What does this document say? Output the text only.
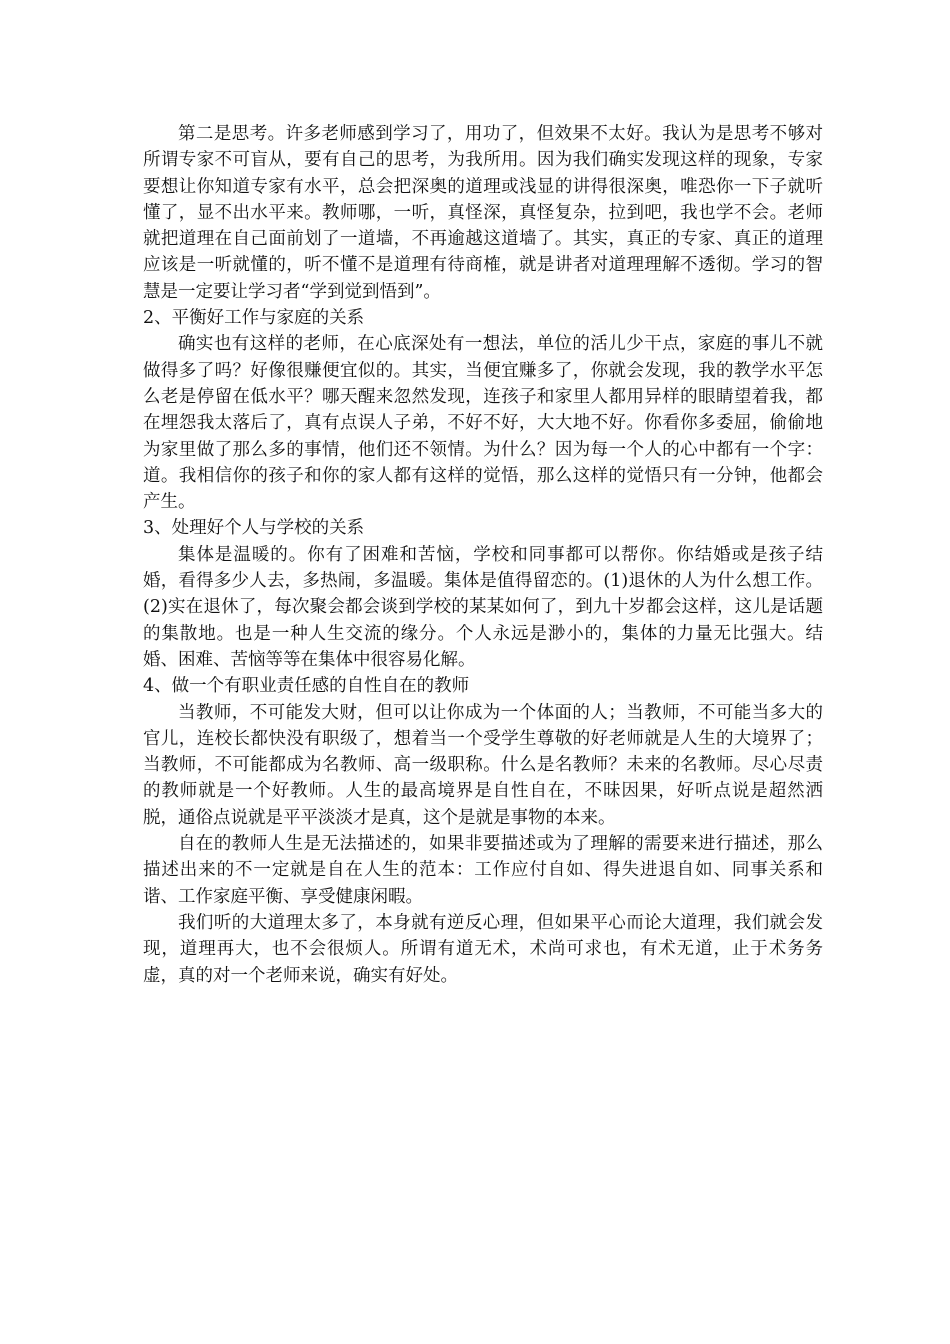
第二是思考。许多老师感到学习了，用功了，但效果不太好。我认为是思考不够对所谓专家不可盲从，要有自己的思考，为我所用。因为我们确实发现这样的现象，专家要想让你知道专家有水平，总会把深奥的道理或浅显的讲得很深奥，唯恐你一下子就听懂了，显不出水平来。教师哪，一听，真怪深，真怪复杂，拉到吧，我也学不会。老师就把道理在自己面前划了一道墙，不再逾越这道墙了。其实，真正的专家、真正的道理应该是一听就懂的，听不懂不是道理有待商榷，就是讲者对道理理解不透彻。学习的智慧是一定要让学习者“学到觉到悟到”。

2、平衡好工作与家庭的关系

确实也有这样的老师，在心底深处有一想法，单位的活儿少干点，家庭的事儿不就做得多了吗？好像很赚便宜似的。其实，当便宜赚多了，你就会发现，我的教学水平怎么老是停留在低水平？哪天醒来忽然发现，连孩子和家里人都用异样的眼睛望着我，都在埋怨我太落后了，真有点误人子弟，不好不好，大大地不好。你看你多委屈，偷偷地为家里做了那么多的事情，他们还不领情。为什么？因为每一个人的心中都有一个字：道。我相信你的孩子和你的家人都有这样的觉悟，那么这样的觉悟只有一分钟，他都会产生。

3、处理好个人与学校的关系

集体是温暖的。你有了困难和苦恼，学校和同事都可以帮你。你结婚或是孩子结婚，看得多少人去，多热闹，多温暖。集体是值得留恋的。(1)退休的人为什么想工作。(2)实在退休了，每次聚会都会谈到学校的某某如何了，到九十岁都会这样，这儿是话题的集散地。也是一种人生交流的缘分。个人永远是渺小的，集体的力量无比强大。结婚、困难、苦恼等等在集体中很容易化解。

4、做一个有职业责任感的自性自在的教师

当教师，不可能发大财，但可以让你成为一个体面的人；当教师，不可能当多大的官儿，连校长都快没有职级了，想着当一个受学生尊敬的好老师就是人生的大境界了；当教师，不可能都成为名教师、高一级职称。什么是名教师？未来的名教师。尽心尽责的教师就是一个好教师。人生的最高境界是自性自在，不昧因果，好听点说是超然洒脱，通俗点说就是平平淡淡才是真，这个是就是事物的本来。

自在的教师人生是无法描述的，如果非要描述或为了理解的需要来进行描述，那么描述出来的不一定就是自在人生的范本：工作应付自如、得失进退自如、同事关系和谐、工作家庭平衡、享受健康闲暇。

我们听的大道理太多了，本身就有逆反心理，但如果平心而论大道理，我们就会发现，道理再大，也不会很烦人。所谓有道无术，术尚可求也，有术无道，止于术务务虚，真的对一个老师来说，确实有好处。
